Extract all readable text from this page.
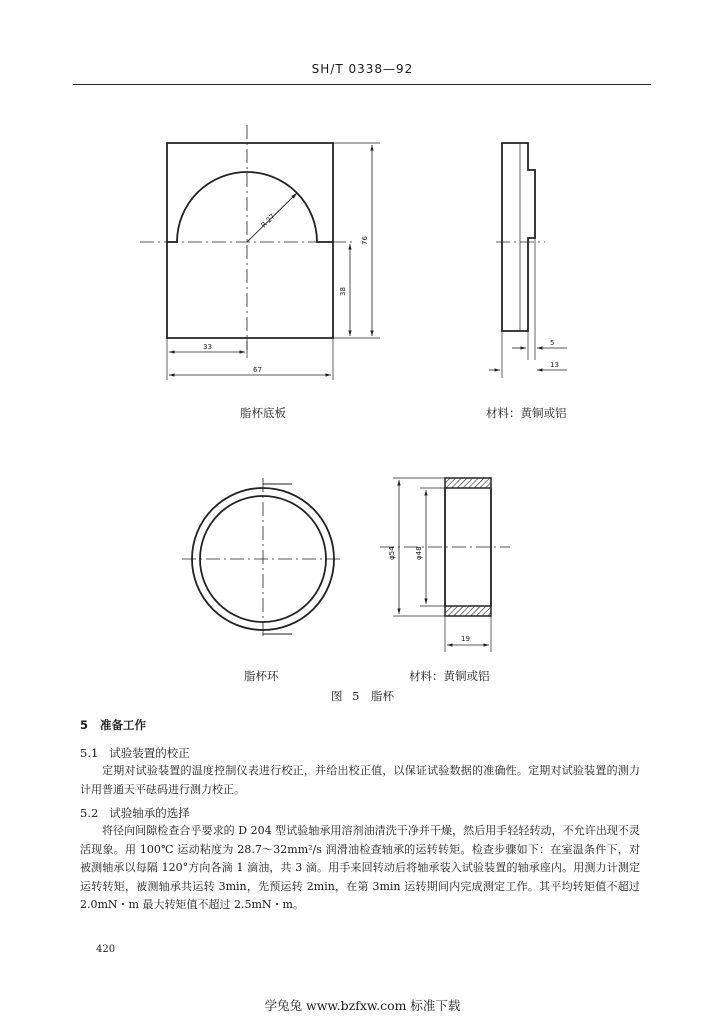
SH/T 0338—92
R 27
76
38
33
67
5
13
φ54	φ48
19
脂杯底板	材料：黄铜或铝
脂杯环	材料：黄铜或铝
图 5　脂杯
5 准备工作
5.1 试验装置的校正
定期对试验装置的温度控制仪表进行校正，并给出校正值，以保证试验数据的准确性。定期对试验装置的测力计用普通天平砝码进行测力校正。
5.2 试验轴承的选择
将径向间隙检查合乎要求的 D 204 型试验轴承用溶剂油清洗干净并干燥，然后用手轻轻转动，不允许出现不灵活现象。用 100℃ 运动粘度为 28.7～32mm²/s 润滑油检查轴承的运转转矩。检查步骤如下：在室温条件下，对被测轴承以每隔 120°方向各滴 1 滴油，共 3 滴。用手来回转动后将轴承装入试验装置的轴承座内。用测力计测定运转转矩，被测轴承共运转 3min，先预运转 2min，在第 3min 运转期间内完成测定工作。其平均转矩值不超过 2.0mN・m 最大转矩值不超过 2.5mN・m。
420
学兔兔 www.bzfxw.com 标准下载
